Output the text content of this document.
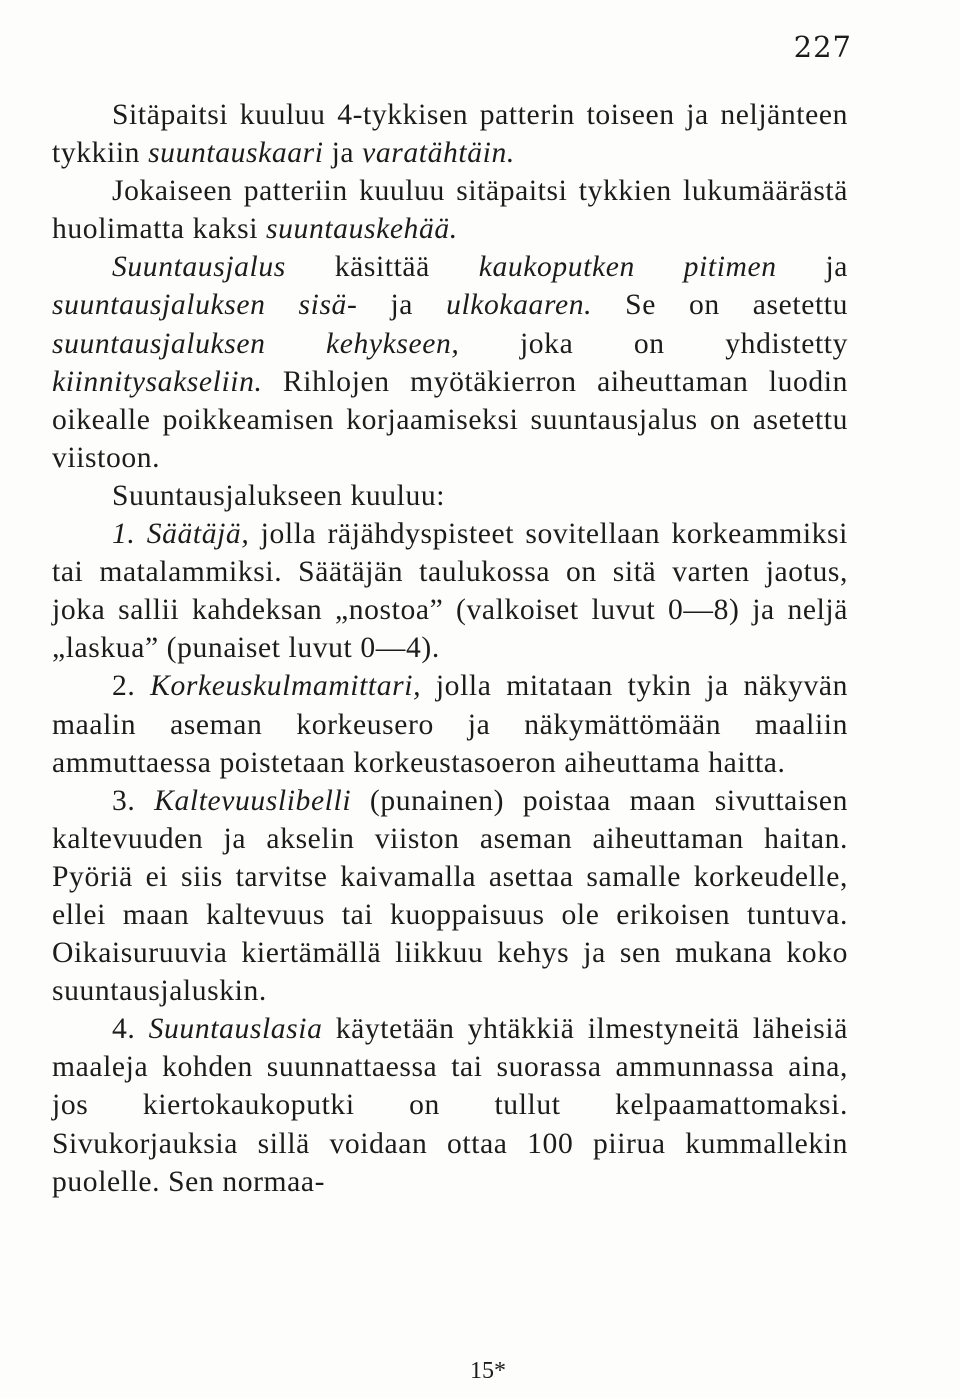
227

Sitäpaitsi kuuluu 4-tykkisen patterin toiseen ja neljänteen tykkiin suuntauskaari ja varatähtäin.

Jokaiseen patteriin kuuluu sitäpaitsi tykkien lukumäärästä huolimatta kaksi suuntauskehää.

Suuntausjalus käsittää kaukoputken pitimen ja suuntausjaluksen sisä- ja ulkokaaren. Se on asetettu suuntausjaluksen kehykseen, joka on yhdistetty kiinnitysakseliin. Rihlojen myötäkierron aiheuttaman luodin oikealle poikkeamisen korjaamiseksi suuntausjalus on asetettu viistoon.

Suuntausjalukseen kuuluu:

1. Säätäjä, jolla räjähdyspisteet sovitellaan korkeammiksi tai matalammiksi. Säätäjän taulukossa on sitä varten jaotus, joka sallii kahdeksan „nostoa” (valkoiset luvut 0—8) ja neljä „laskua” (punaiset luvut 0—4).

2. Korkeuskulmamittari, jolla mitataan tykin ja näkyvän maalin aseman korkeusero ja näkymättömään maaliin ammuttaessa poistetaan korkeustasoeron aiheuttama haitta.

3. Kaltevuuslibelli (punainen) poistaa maan sivuttaisen kaltevuuden ja akselin viiston aseman aiheuttaman haitan. Pyöriä ei siis tarvitse kaivamalla asettaa samalle korkeudelle, ellei maan kaltevuus tai kuoppaisuus ole erikoisen tuntuva. Oikaisuruuvia kiertämällä liikkuu kehys ja sen mukana koko suuntausjaluskin.

4. Suuntauslasia käytetään yhtäkkiä ilmestyneitä läheisiä maaleja kohden suunnattaessa tai suorassa ammunnassa aina, jos kiertokaukoputki on tullut kelpaamattomaksi. Sivukorjauksia sillä voidaan ottaa 100 piirua kummallekin puolelle. Sen normaa-

15*
